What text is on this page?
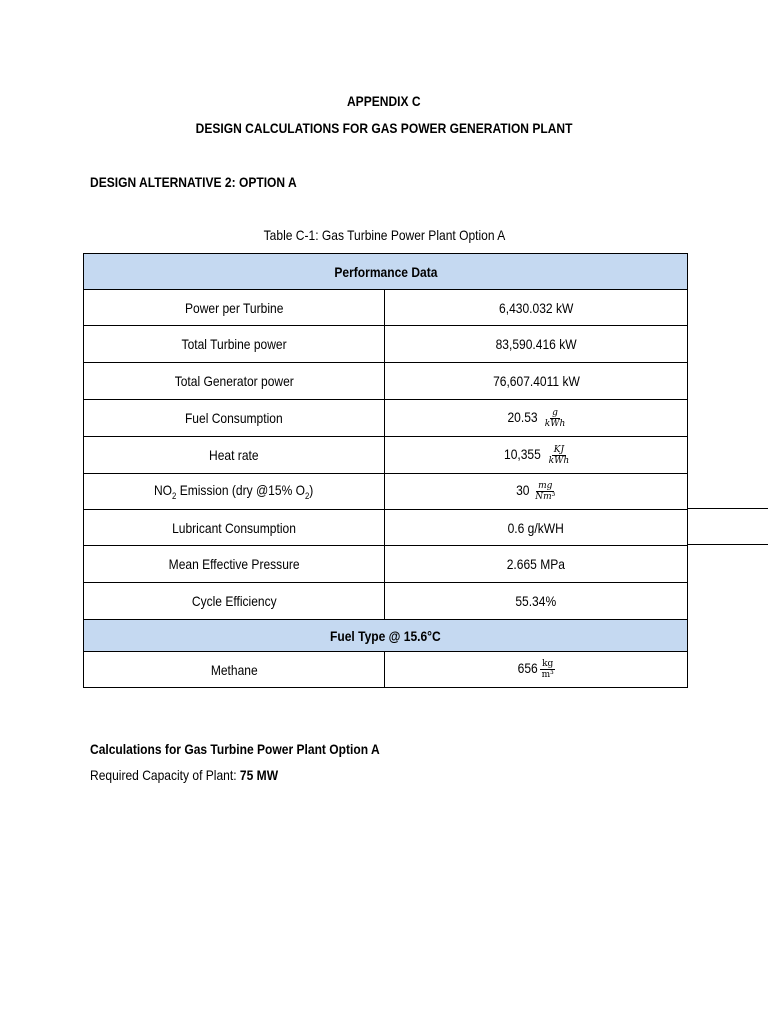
APPENDIX C
DESIGN CALCULATIONS FOR GAS POWER GENERATION PLANT
DESIGN ALTERNATIVE 2: OPTION A
Table C-1: Gas Turbine Power Plant Option A
Performance Data	
Power per Turbine	6,430.032 kW
Total Turbine power	83,590.416 kW
Total Generator power	76,607.4011 kW
Fuel Consumption	$20.53 \frac{g}{\text{kWh}}$

Heat rate	$10,355 \frac{KJ}{\text{kWh}}$

$NO_2$ Emission (dry @15% $O_2$)	$30 \frac{mg}{\text{Nm³}}$

Lubricant Consumption	0.6 g/kWH
Mean Effective Pressure	2.665 MPa
Cycle Efficiency	55.34%
Fuel Type @ 15.6°C	
Methane	$656 \frac{kg}{\text{m³}}$
Calculations for Gas Turbine Power Plant Option A
Required Capacity of Plant: 75 MW
